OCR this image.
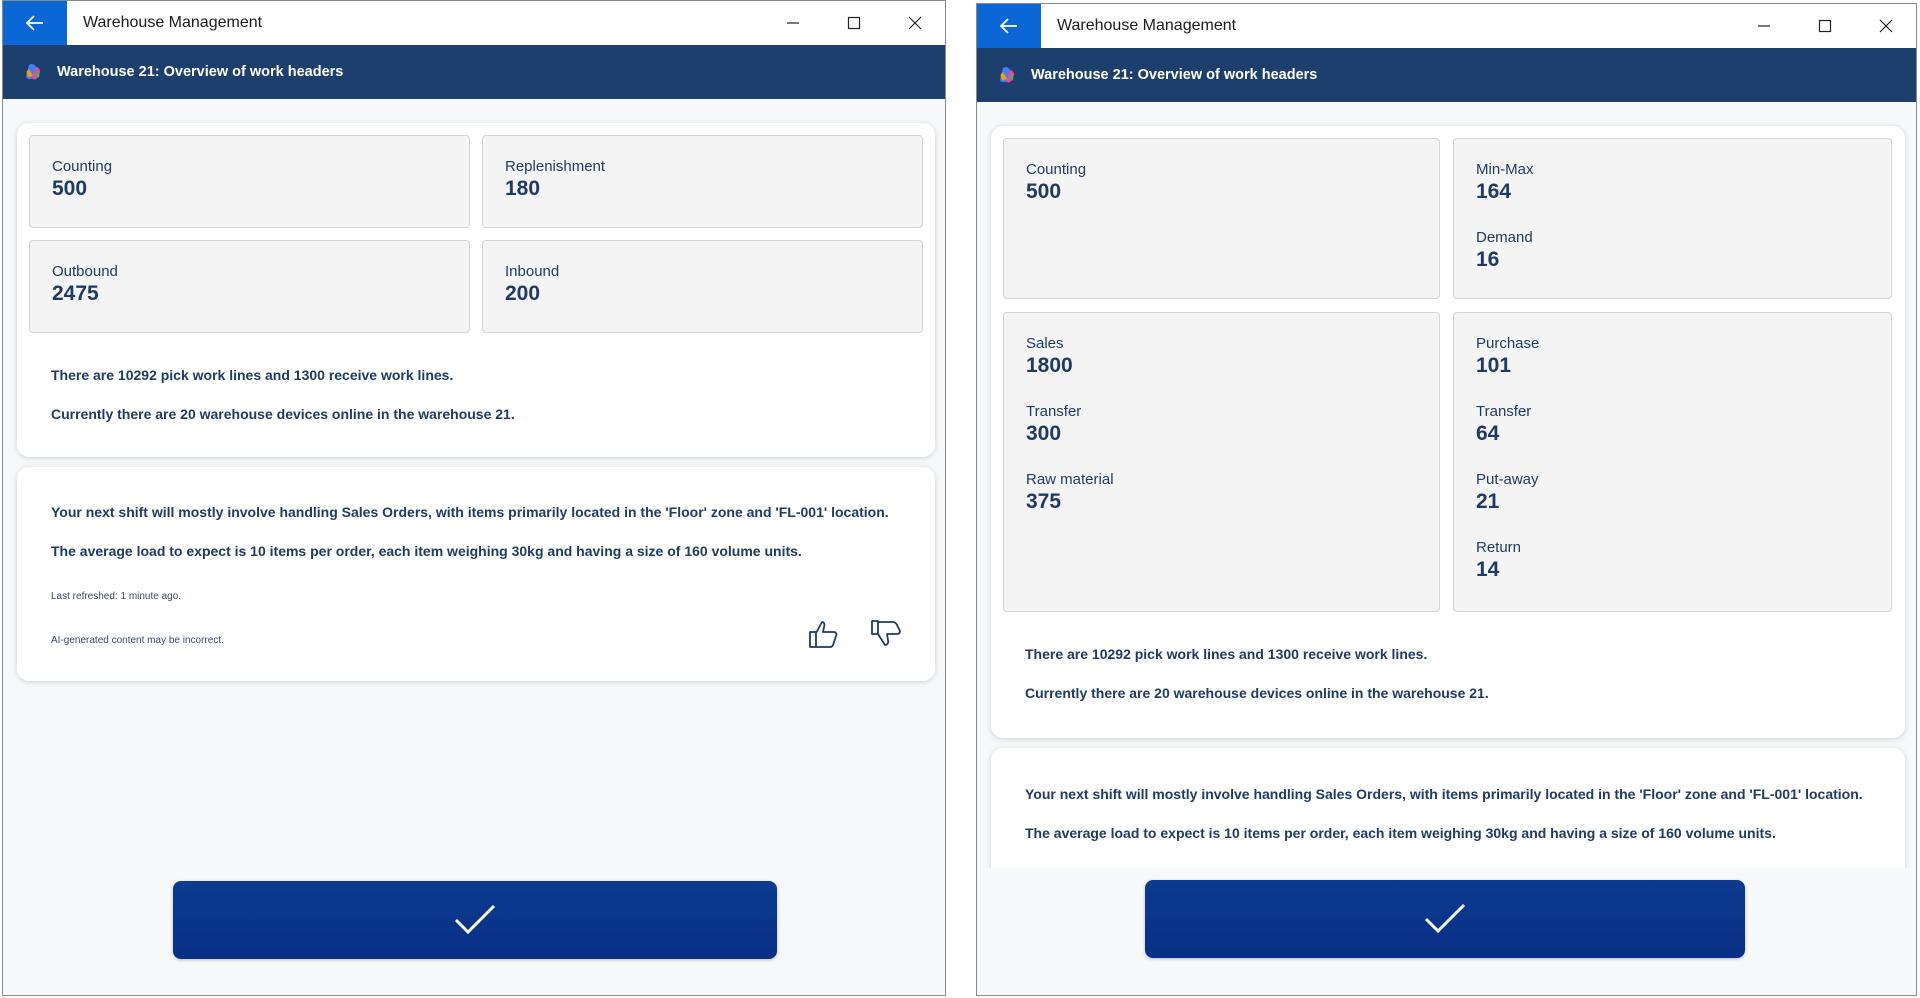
Warehouse Management
Warehouse 21: Overview of work headers
Counting
500
Replenishment
180
Outbound
2475
Inbound
200
There are 10292 pick work lines and 1300 receive work lines.
Currently there are 20 warehouse devices online in the warehouse 21.
Your next shift will mostly involve handling Sales Orders, with items primarily located in the 'Floor' zone and 'FL-001' location.
The average load to expect is 10 items per order, each item weighing 30kg and having a size of 160 volume units.
Last refreshed: 1 minute ago.
AI-generated content may be incorrect.
Warehouse Management
Warehouse 21: Overview of work headers
Counting
500
Min-Max
164
Demand
16
Sales
1800
Transfer
300
Raw material
375
Purchase
101
Transfer
64
Put-away
21
Return
14
There are 10292 pick work lines and 1300 receive work lines.
Currently there are 20 warehouse devices online in the warehouse 21.
Your next shift will mostly involve handling Sales Orders, with items primarily located in the 'Floor' zone and 'FL-001' location.
The average load to expect is 10 items per order, each item weighing 30kg and having a size of 160 volume units.
